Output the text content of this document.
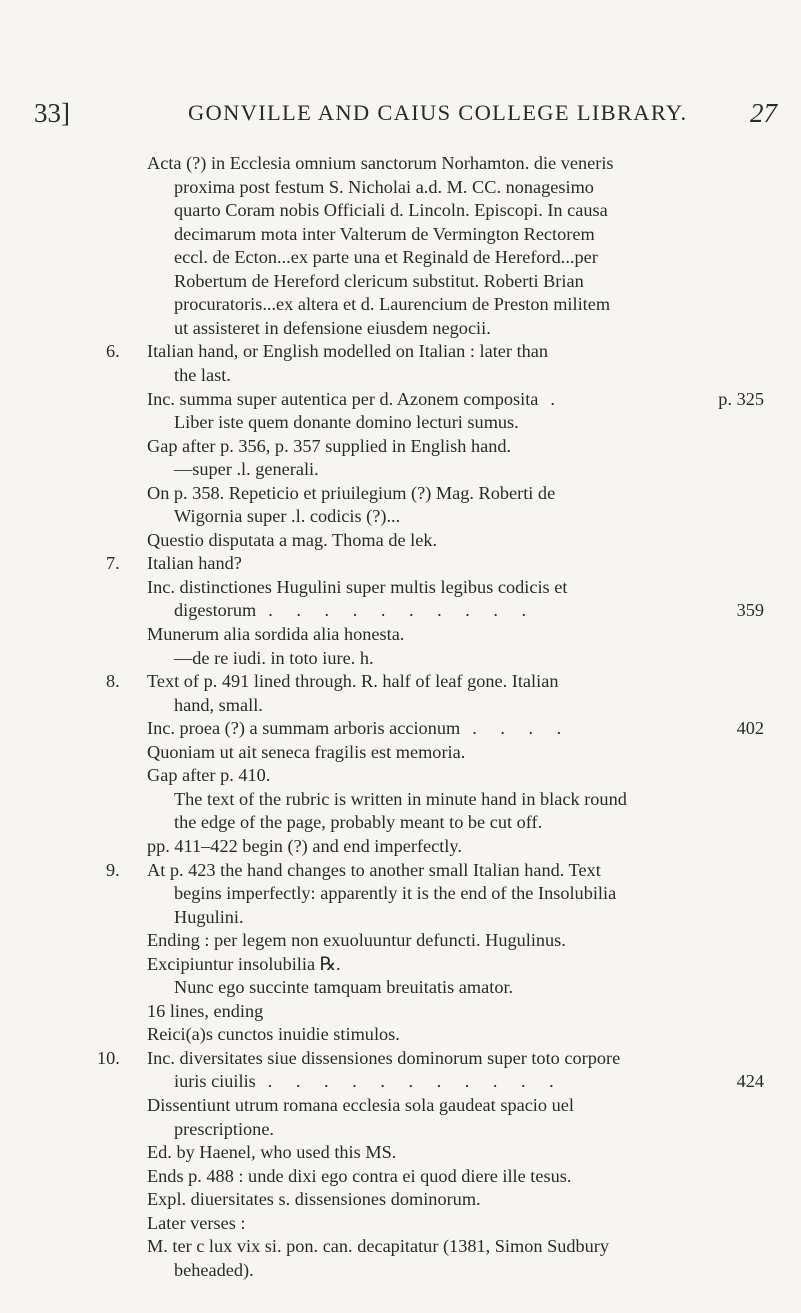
33]	GONVILLE AND CAIUS COLLEGE LIBRARY. 27
Acta (?) in Ecclesia omnium sanctorum Norhamton. die veneris
proxima post festum S. Nicholai a.d. M. CC. nonagesimo
quarto Coram nobis Officiali d. Lincoln. Episcopi. In causa
decimarum mota inter Valterum de Vermington Rectorem
eccl. de Ecton...ex parte una et Reginald de Hereford...per
Robertum de Hereford clericum substitut. Roberti Brian
procuratoris...ex altera et d. Laurencium de Preston militem
ut assisteret in defensione eiusdem negocii.
6. Italian hand, or English modelled on Italian : later than
the last.
Inc. summa super autentica per d. Azonem composita .	p. 325
Liber iste quem donante domino lecturi sumus.
Gap after p. 356, p. 357 supplied in English hand.
—super .l. generali.
On p. 358. Repeticio et priuilegium (?) Mag. Roberti de
Wigornia super .l. codicis (?)...
Questio disputata a mag. Thoma de lek.
7. Italian hand?
Inc. distinctiones Hugulini super multis legibus codicis et
digestorum . . . . . . . . . .	359
Munerum alia sordida alia honesta.
—de re iudi. in toto iure. h.
8. Text of p. 491 lined through. R. half of leaf gone. Italian
hand, small.
Inc. proea (?) a summam arboris accionum . . . .	402
Quoniam ut ait seneca fragilis est memoria.
Gap after p. 410.
The text of the rubric is written in minute hand in black round
the edge of the page, probably meant to be cut off.
pp. 411–422 begin (?) and end imperfectly.
9. At p. 423 the hand changes to another small Italian hand. Text
begins imperfectly: apparently it is the end of the Insolubilia
Hugulini.
Ending : per legem non exuoluuntur defuncti. Hugulinus.
Excipiuntur insolubilia ℞.
Nunc ego succinte tamquam breuitatis amator.
16 lines, ending
Reici(a)s cunctos inuidie stimulos.
10. Inc. diversitates siue dissensiones dominorum super toto corpore
iuris ciuilis . . . . . . . . . . .	424
Dissentiunt utrum romana ecclesia sola gaudeat spacio uel
prescriptione.
Ed. by Haenel, who used this MS.
Ends p. 488 : unde dixi ego contra ei quod diere ille tesus.
Expl. diuersitates s. dissensiones dominorum.
Later verses :
M. ter c lux vix si. pon. can. decapitatur (1381, Simon Sudbury
beheaded).
